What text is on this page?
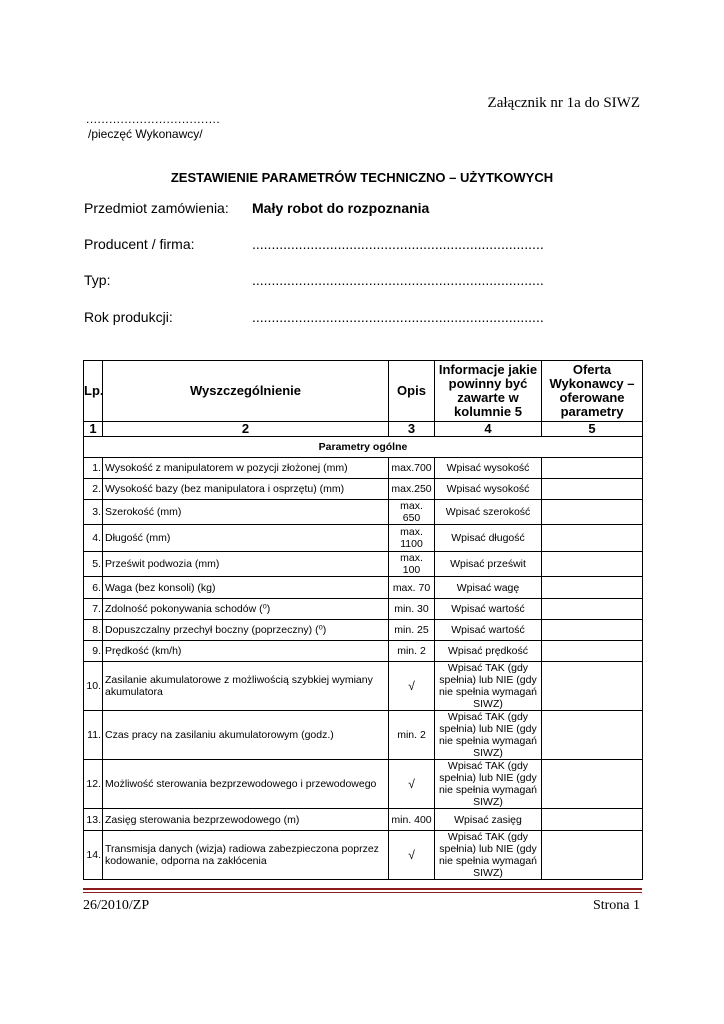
Załącznik nr 1a do SIWZ
...................................
/pieczęć Wykonawcy/
ZESTAWIENIE PARAMETRÓW TECHNICZNO – UŻYTKOWYCH
Przedmiot zamówienia: Mały robot do rozpoznania
Producent / firma:	...........................................................................
Typ:	...........................................................................
Rok produkcji:	...........................................................................
Lp.	Wyszczególnienie	Opis	Informacje jakie powinny być zawarte w kolumnie 5	Oferta Wykonawcy – oferowane parametry
1	2	3	4	5
Parametry ogólne				
1.	Wysokość z manipulatorem w pozycji złożonej (mm)	max.700	Wpisać wysokość	
2.	Wysokość bazy (bez manipulatora i osprzętu) (mm)	max.250	Wpisać wysokość	
3.	Szerokość (mm)	max. 650	Wpisać szerokość	
4.	Długość (mm)	max. 1100	Wpisać długość	
5.	Prześwit podwozia (mm)	max. 100	Wpisać prześwit	
6.	Waga (bez konsoli) (kg)	max. 70	Wpisać wagę	
7.	Zdolność pokonywania schodów (⁰)	min. 30	Wpisać wartość	
8.	Dopuszczalny przechył boczny (poprzeczny) (⁰)	min. 25	Wpisać wartość	
9.	Prędkość (km/h)	min. 2	Wpisać prędkość	
10.	Zasilanie akumulatorowe z możliwością szybkiej wymiany akumulatora	√	Wpisać TAK (gdy spełnia) lub NIE (gdy nie spełnia wymagań SIWZ)	
11.	Czas pracy na zasilaniu akumulatorowym (godz.)	min. 2	Wpisać TAK (gdy spełnia) lub NIE (gdy nie spełnia wymagań SIWZ)	
12.	Możliwość sterowania bezprzewodowego i przewodowego	√	Wpisać TAK (gdy spełnia) lub NIE (gdy nie spełnia wymagań SIWZ)	
13.	Zasięg sterowania bezprzewodowego (m)	min. 400	Wpisać zasięg	
14.	Transmisja danych (wizja) radiowa zabezpieczona poprzez kodowanie, odporna na zakłócenia	√	Wpisać TAK (gdy spełnia) lub NIE (gdy nie spełnia wymagań SIWZ)	
26/2010/ZP	Strona 1
